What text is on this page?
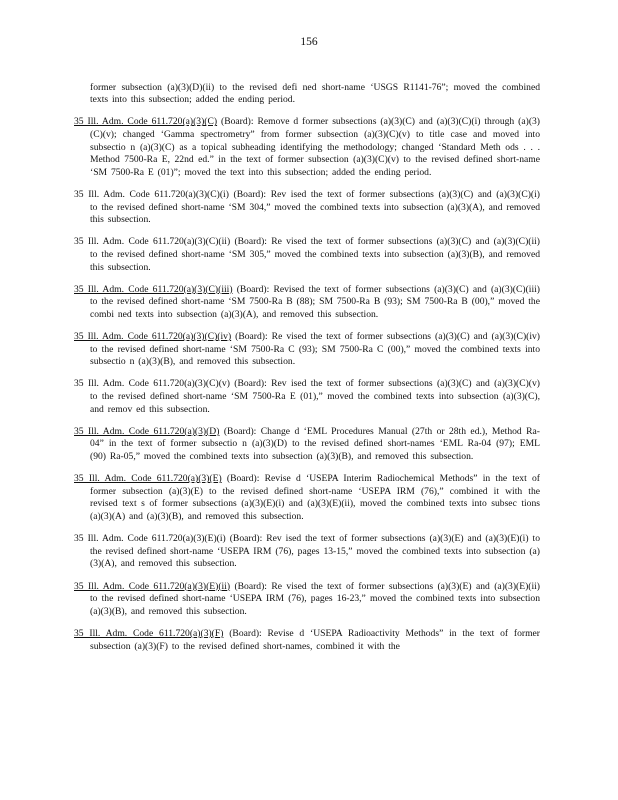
156

former subsection (a)(3)(D)(ii) to the revised defi ned short-name ‘USGS R1141-76”; moved the combined texts into this subsection; added the ending period.

35 Ill. Adm. Code 611.720(a)(3)(C) (Board): Remove d former subsections (a)(3)(C) and (a)(3)(C)(i) through (a)(3)(C)(v); changed ‘Gamma spectrometry” from former subsection (a)(3)(C)(v) to title case and moved into subsectio n (a)(3)(C) as a topical subheading identifying the methodology; changed ‘Standard Meth ods . . . Method 7500-Ra E, 22nd ed.” in the text of former subsection (a)(3)(C)(v) to the revised defined short-name ‘SM 7500-Ra E (01)”; moved the text into this subsection; added the ending period.

35 Ill. Adm. Code 611.720(a)(3)(C)(i) (Board): Rev ised the text of former subsections (a)(3)(C) and (a)(3)(C)(i) to the revised defined short-name ‘SM 304,” moved the combined texts into subsection (a)(3)(A), and removed this subsection.

35 Ill. Adm. Code 611.720(a)(3)(C)(ii) (Board): Re vised the text of former subsections (a)(3)(C) and (a)(3)(C)(ii) to the revised defined short-name ‘SM 305,” moved the combined texts into subsection (a)(3)(B), and removed this subsection.

35 Ill. Adm. Code 611.720(a)(3)(C)(iii) (Board): Revised the text of former subsections (a)(3)(C) and (a)(3)(C)(iii) to the revised defined short-name ‘SM 7500-Ra B (88); SM 7500-Ra B (93); SM 7500-Ra B (00),” moved the combi ned texts into subsection (a)(3)(A), and removed this subsection.

35 Ill. Adm. Code 611.720(a)(3)(C)(iv) (Board): Re vised the text of former subsections (a)(3)(C) and (a)(3)(C)(iv) to the revised defined short-name ‘SM 7500-Ra C (93); SM 7500-Ra C (00),” moved the combined texts into subsectio n (a)(3)(B), and removed this subsection.

35 Ill. Adm. Code 611.720(a)(3)(C)(v) (Board): Rev ised the text of former subsections (a)(3)(C) and (a)(3)(C)(v) to the revised defined short-name ‘SM 7500-Ra E (01),” moved the combined texts into subsection (a)(3)(C), and remov ed this subsection.

35 Ill. Adm. Code 611.720(a)(3)(D) (Board): Change d ‘EML Procedures Manual (27th or 28th ed.), Method Ra-04” in the text of former subsectio n (a)(3)(D) to the revised defined short-names ‘EML Ra-04 (97); EML (90) Ra-05,” moved the combined texts into subsection (a)(3)(B), and removed this subsection.

35 Ill. Adm. Code 611.720(a)(3)(E) (Board): Revise d ‘USEPA Interim Radiochemical Methods” in the text of former subsection (a)(3)(E) to the revised defined short-name ‘USEPA IRM (76),” combined it with the revised text s of former subsections (a)(3)(E)(i) and (a)(3)(E)(ii), moved the combined texts into subsec tions (a)(3)(A) and (a)(3)(B), and removed this subsection.

35 Ill. Adm. Code 611.720(a)(3)(E)(i) (Board): Rev ised the text of former subsections (a)(3)(E) and (a)(3)(E)(i) to the revised defined short-name ‘USEPA IRM (76), pages 13-15,” moved the combined texts into subsection (a)(3)(A), and removed this subsection.

35 Ill. Adm. Code 611.720(a)(3)(E)(ii) (Board): Re vised the text of former subsections (a)(3)(E) and (a)(3)(E)(ii) to the revised defined short-name ‘USEPA IRM (76), pages 16-23,” moved the combined texts into subsection (a)(3)(B), and removed this subsection.

35 Ill. Adm. Code 611.720(a)(3)(F) (Board): Revise d ‘USEPA Radioactivity Methods” in the text of former subsection (a)(3)(F) to the revised defined short-names, combined it with the
